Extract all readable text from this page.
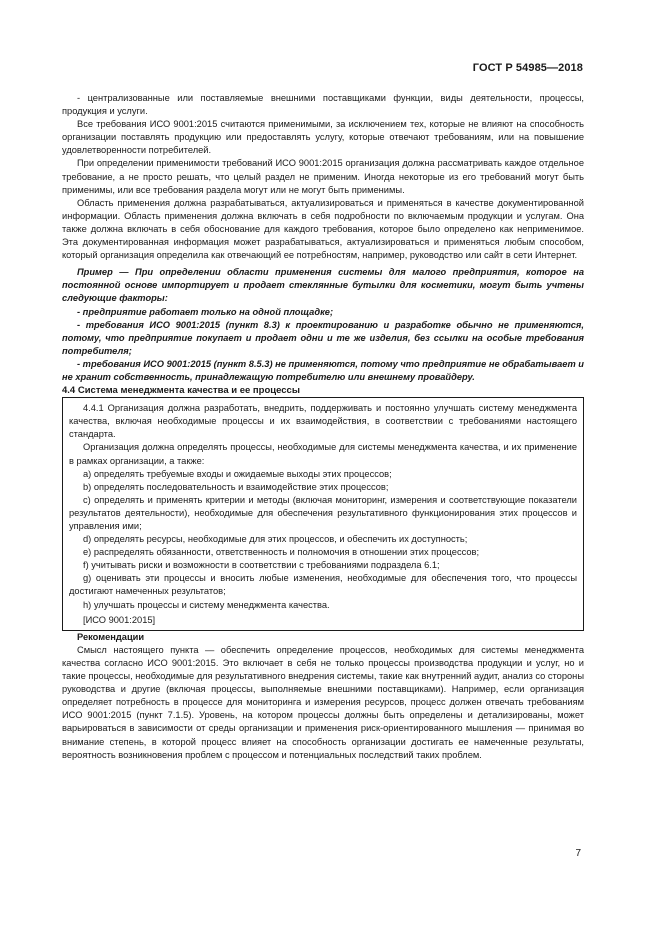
ГОСТ Р 54985—2018

- централизованные или поставляемые внешними поставщиками функции, виды деятельности, процессы, продукция и услуги.

Все требования ИСО 9001:2015 считаются применимыми, за исключением тех, которые не влияют на способность организации поставлять продукцию или предоставлять услугу, которые отвечают требованиям, или на повышение удовлетворенности потребителей.

При определении применимости требований ИСО 9001:2015 организация должна рассматривать каждое отдельное требование, а не просто решать, что целый раздел не применим. Иногда некоторые из его требований могут быть применимы, или все требования раздела могут или не могут быть применимы.

Область применения должна разрабатываться, актуализироваться и применяться в качестве документированной информации. Область применения должна включать в себя подробности по включаемым продукции и услугам. Она также должна включать в себя обоснование для каждого требования, которое было определено как неприменимое. Эта документированная информация может разрабатываться, актуализироваться и применяться любым способом, который организация определила как отвечающий ее потребностям, например, руководство или сайт в сети Интернет.

Пример — При определении области применения системы для малого предприятия, которое на постоянной основе импортирует и продает стеклянные бутылки для косметики, могут быть учтены следующие факторы:

- предприятие работает только на одной площадке;

- требования ИСО 9001:2015 (пункт 8.3) к проектированию и разработке обычно не применяются, потому, что предприятие покупает и продает одни и те же изделия, без ссылки на особые требования потребителя;

- требования ИСО 9001:2015 (пункт 8.5.3) не применяются, потому что предприятие не обрабатывает и не хранит собственность, принадлежащую потребителю или внешнему провайдеру.

4.4 Система менеджмента качества и ее процессы

4.4.1 Организация должна разработать, внедрить, поддерживать и постоянно улучшать систему менеджмента качества, включая необходимые процессы и их взаимодействия, в соответствии с требованиями настоящего стандарта.

Организация должна определять процессы, необходимые для системы менеджмента качества, и их применение в рамках организации, а также:

а) определять требуемые входы и ожидаемые выходы этих процессов;

b) определять последовательность и взаимодействие этих процессов;

с) определять и применять критерии и методы (включая мониторинг, измерения и соответствующие показатели результатов деятельности), необходимые для обеспечения результативного функционирования этих процессов и управления ими;

d) определять ресурсы, необходимые для этих процессов, и обеспечить их доступность;

е) распределять обязанности, ответственность и полномочия в отношении этих процессов;

f) учитывать риски и возможности в соответствии с требованиями подраздела 6.1;

g) оценивать эти процессы и вносить любые изменения, необходимые для обеспечения того, что процессы достигают намеченных результатов;

h) улучшать процессы и систему менеджмента качества.

[ИСО 9001:2015]

Рекомендации

Смысл настоящего пункта — обеспечить определение процессов, необходимых для системы менеджмента качества согласно ИСО 9001:2015. Это включает в себя не только процессы производства продукции и услуг, но и такие процессы, необходимые для результативного внедрения системы, такие как внутренний аудит, анализ со стороны руководства и другие (включая процессы, выполняемые внешними поставщиками). Например, если организация определяет потребность в процессе для мониторинга и измерения ресурсов, процесс должен отвечать требованиям ИСО 9001:2015 (пункт 7.1.5). Уровень, на котором процессы должны быть определены и детализированы, может варьироваться в зависимости от среды организации и применения риск-ориентированного мышления — принимая во внимание степень, в которой процесс влияет на способность организации достигать ее намеченные результаты, вероятность возникновения проблем с процессом и потенциальных последствий таких проблем.

7
